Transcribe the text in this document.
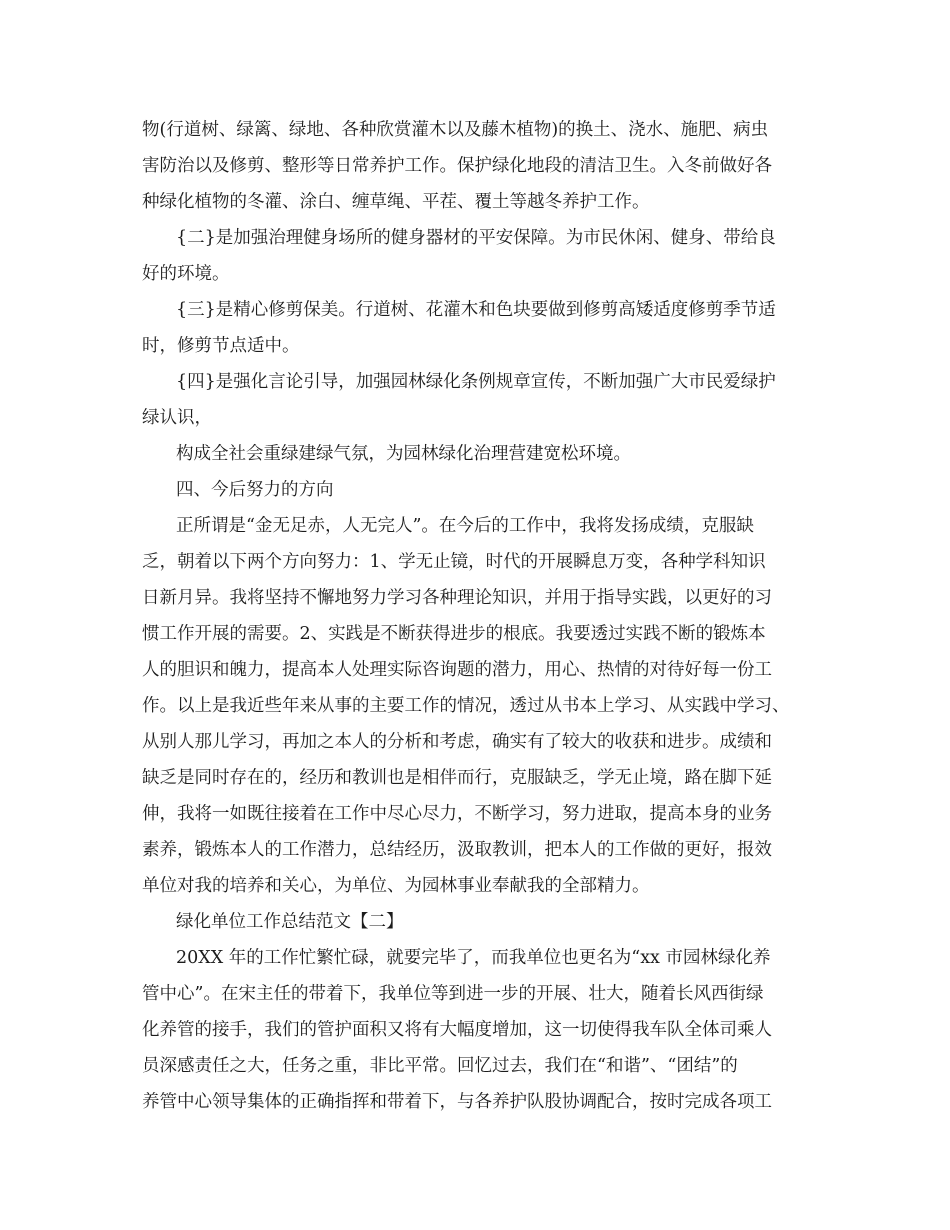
物(行道树、绿篱、绿地、各种欣赏灌木以及藤木植物)的换土、浇水、施肥、病虫
害防治以及修剪、整形等日常养护工作。保护绿化地段的清洁卫生。入冬前做好各
种绿化植物的冬灌、涂白、缠草绳、平茬、覆土等越冬养护工作。
{二}是加强治理健身场所的健身器材的平安保障。为市民休闲、健身、带给良
好的环境。
{三}是精心修剪保美。行道树、花灌木和色块要做到修剪高矮适度修剪季节适
时，修剪节点适中。
{四}是强化言论引导，加强园林绿化条例规章宣传，不断加强广大市民爱绿护
绿认识，
构成全社会重绿建绿气氛，为园林绿化治理营建宽松环境。
四、今后努力的方向
正所谓是“金无足赤，人无完人”。在今后的工作中，我将发扬成绩，克服缺
乏，朝着以下两个方向努力：1、学无止镜，时代的开展瞬息万变，各种学科知识
日新月异。我将坚持不懈地努力学习各种理论知识，并用于指导实践，以更好的习
惯工作开展的需要。2、实践是不断获得进步的根底。我要透过实践不断的锻炼本
人的胆识和魄力，提高本人处理实际咨询题的潜力，用心、热情的对待好每一份工
作。以上是我近些年来从事的主要工作的情况，透过从书本上学习、从实践中学习、
从别人那儿学习，再加之本人的分析和考虑，确实有了较大的收获和进步。成绩和
缺乏是同时存在的，经历和教训也是相伴而行，克服缺乏，学无止境，路在脚下延
伸，我将一如既往接着在工作中尽心尽力，不断学习，努力进取，提高本身的业务
素养，锻炼本人的工作潜力，总结经历，汲取教训，把本人的工作做的更好，报效
单位对我的培养和关心，为单位、为园林事业奉献我的全部精力。
绿化单位工作总结范文【二】
20XX 年的工作忙繁忙碌，就要完毕了，而我单位也更名为“xx 市园林绿化养
管中心”。在宋主任的带着下，我单位等到进一步的开展、壮大，随着长风西街绿
化养管的接手，我们的管护面积又将有大幅度增加，这一切使得我车队全体司乘人
员深感责任之大，任务之重，非比平常。回忆过去，我们在“和谐”、“团结”的
养管中心领导集体的正确指挥和带着下，与各养护队股协调配合，按时完成各项工
